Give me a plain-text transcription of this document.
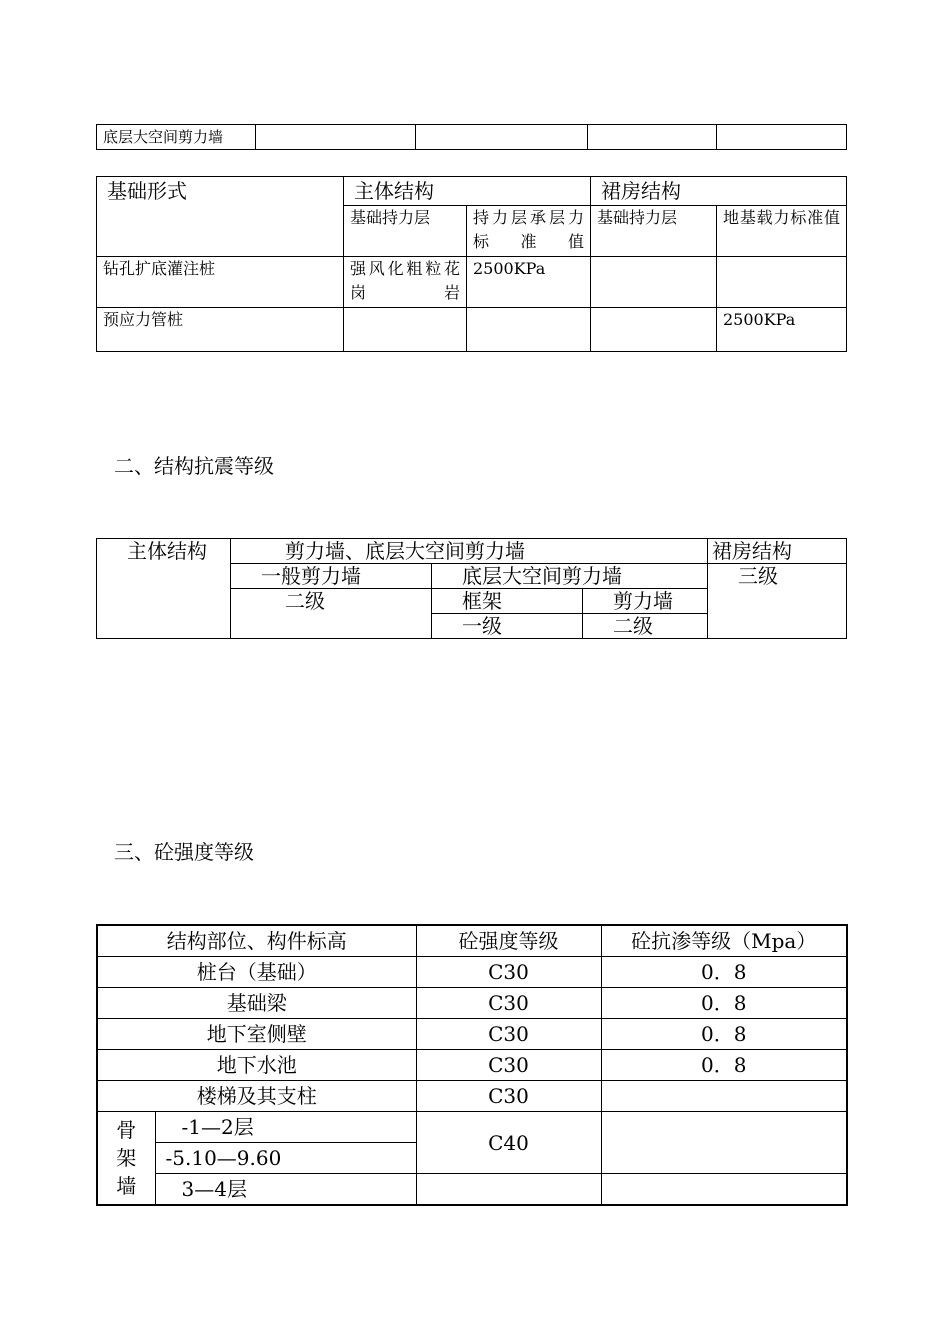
底层大空间剪力墙				
基础形式	主体结构		裙房结构	
	基础持力层	持力层承层力标准值	基础持力层	地基载力标准值
钻孔扩底灌注桩	强风化粗粒花岗岩	2500KPa		
预应力管桩				2500KPa
二、结构抗震等级
主体结构	剪力墙、底层大空间剪力墙			裙房结构
	一般剪力墙	底层大空间剪力墙		三级
	二级	框架	剪力墙	
		一级	二级	
三、砼强度等级
结构部位、构件标高		砼强度等级	砼抗渗等级（Mpa）
桩台（基础）		C30	0．8
基础梁		C30	0．8
地下室侧壁		C30	0．8
地下水池		C30	0．8
楼梯及其支柱		C30	

骨架墙	-1—2层	C40	
	-5.10—9.60		
	3—4层		
